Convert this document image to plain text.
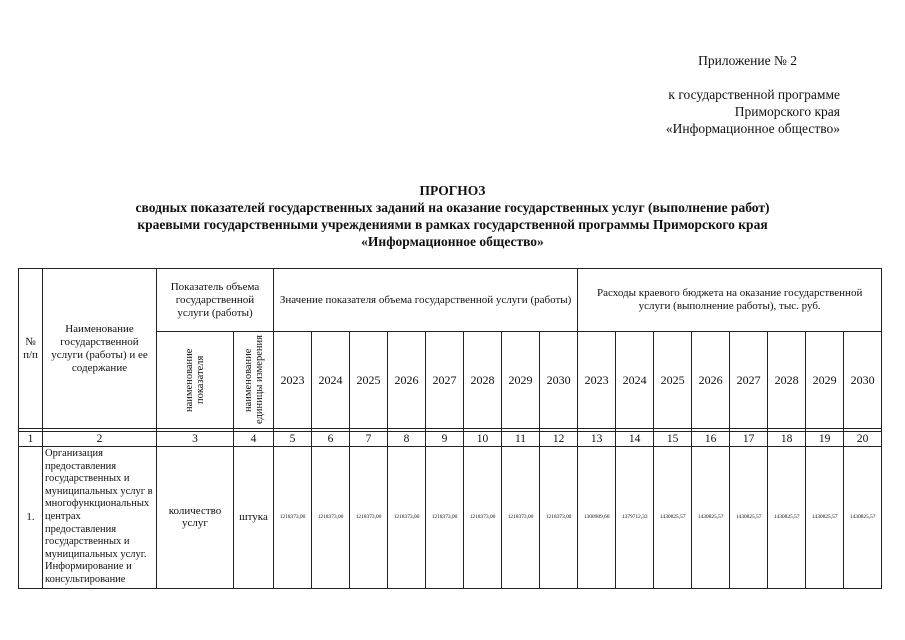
Приложение № 2
к государственной программе
Приморского края
«Информационное общество»
ПРОГНОЗ
сводных показателей государственных заданий на оказание государственных услуг (выполнение работ)
краевыми государственными учреждениями в рамках государственной программы Приморского края
«Информационное общество»
№ п/п	Наименование государственной услуги (работы) и ее содержание	Показатель объема государственной услуги (работы)		Значение показателя объема государственной услуги (работы)								Расходы краевого бюджета на оказание государственной услуги (выполнение работы), тыс. руб.							

		наименование показателя	наименование единицы измерения	2023	2024	2025	2026	2027	2028	2029	2030	2023	2024	2025	2026	2027	2028	2029	2030

1	2	3	4	5	6	7	8	9	10	11	12	13	14	15	16	17	18	19	20
1.	Организация предоставления государственных и муниципальных услуг в многофункциональных центрах предоставления государственных и муниципальных услуг. Информирование и консультирование	количество услуг	штука	1218373,00	1218373,00	1218373,00	1218373,00	1218373,00	1218373,00	1218373,00	1218373,00	1300909,60	1379712,33	1430825,57	1430825,57	1430825,57	1430825,57	1430825,57	1430825,57
